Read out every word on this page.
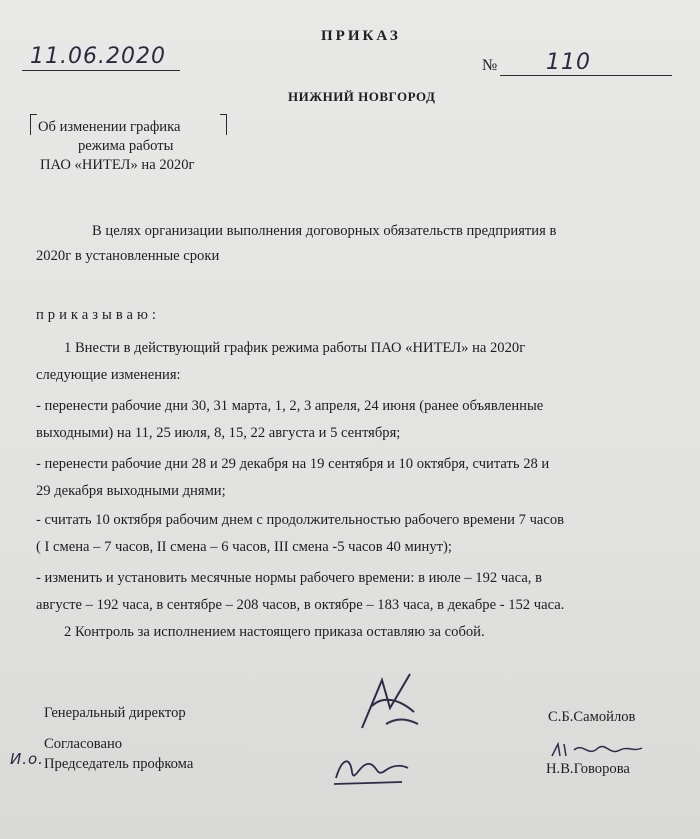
11.06.2020
ПРИКАЗ
№ 110
НИЖНИЙ НОВГОРОД
Об изменении графика
режима работы
ПАО «НИТЕЛ» на 2020г
В целях организации выполнения договорных обязательств предприятия в
2020г в установленные сроки
приказываю:
1 Внести в действующий график режима работы ПАО «НИТЕЛ» на 2020г
следующие изменения:
- перенести рабочие дни 30, 31 марта, 1, 2, 3 апреля, 24 июня (ранее объявленные
выходными) на 11, 25 июля, 8, 15, 22 августа и 5 сентября;
- перенести рабочие дни 28 и 29 декабря на 19 сентября и 10 октября, считать 28 и
29 декабря выходными днями;
- считать 10 октября рабочим днем с продолжительностью рабочего времени 7 часов
( I смена – 7 часов, II смена – 6 часов, III смена -5 часов 40 минут);
- изменить и установить месячные нормы рабочего времени: в июле – 192 часа, в
августе – 192 часа, в сентябре – 208 часов, в октябре – 183 часа, в декабре - 152 часа.
2 Контроль за исполнением настоящего приказа оставляю за собой.
Генеральный директор	С.Б.Самойлов
Согласовано
И.о. Председатель профкома	Н.В.Говорова
